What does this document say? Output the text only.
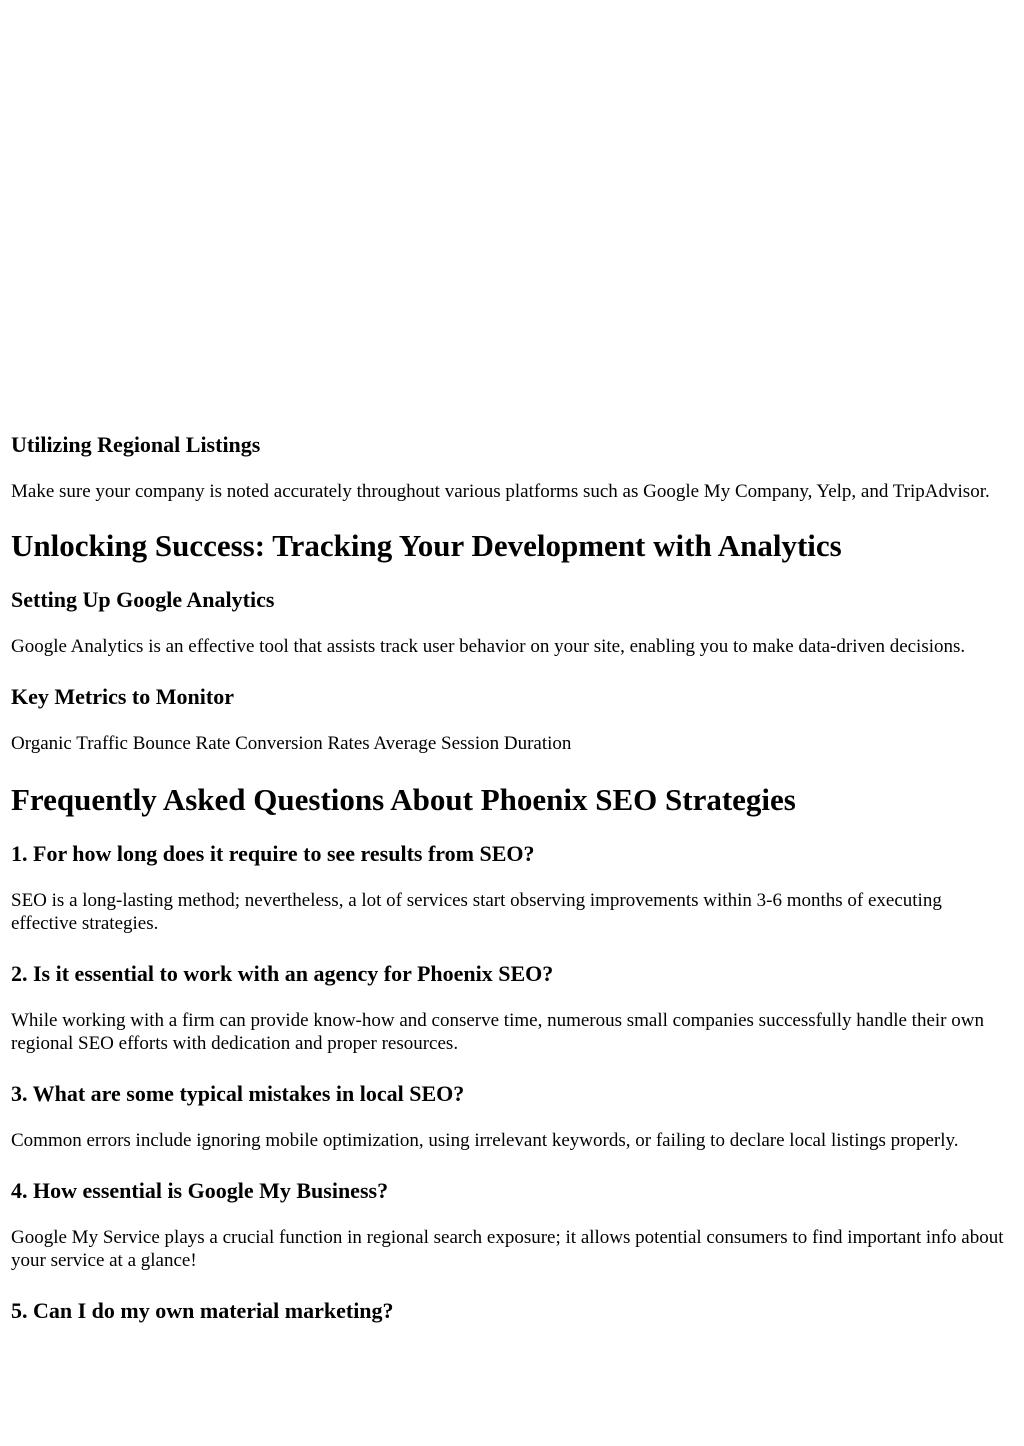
Utilizing Regional Listings

Make sure your company is noted accurately throughout various platforms such as Google My Company, Yelp, and TripAdvisor.

Unlocking Success: Tracking Your Development with Analytics
Setting Up Google Analytics

Google Analytics is an effective tool that assists track user behavior on your site, enabling you to make data-driven decisions.

Key Metrics to Monitor

Organic Traffic Bounce Rate Conversion Rates Average Session Duration

Frequently Asked Questions About Phoenix SEO Strategies
1. For how long does it require to see results from SEO?

SEO is a long-lasting method; nevertheless, a lot of services start observing improvements within 3-6 months of executing effective strategies.

2. Is it essential to work with an agency for Phoenix SEO?

While working with a firm can provide know-how and conserve time, numerous small companies successfully handle their own regional SEO efforts with dedication and proper resources.

3. What are some typical mistakes in local SEO?

Common errors include ignoring mobile optimization, using irrelevant keywords, or failing to declare local listings properly.

4. How essential is Google My Business?

Google My Service plays a crucial function in regional search exposure; it allows potential consumers to find important info about your service at a glance!

5. Can I do my own material marketing?
